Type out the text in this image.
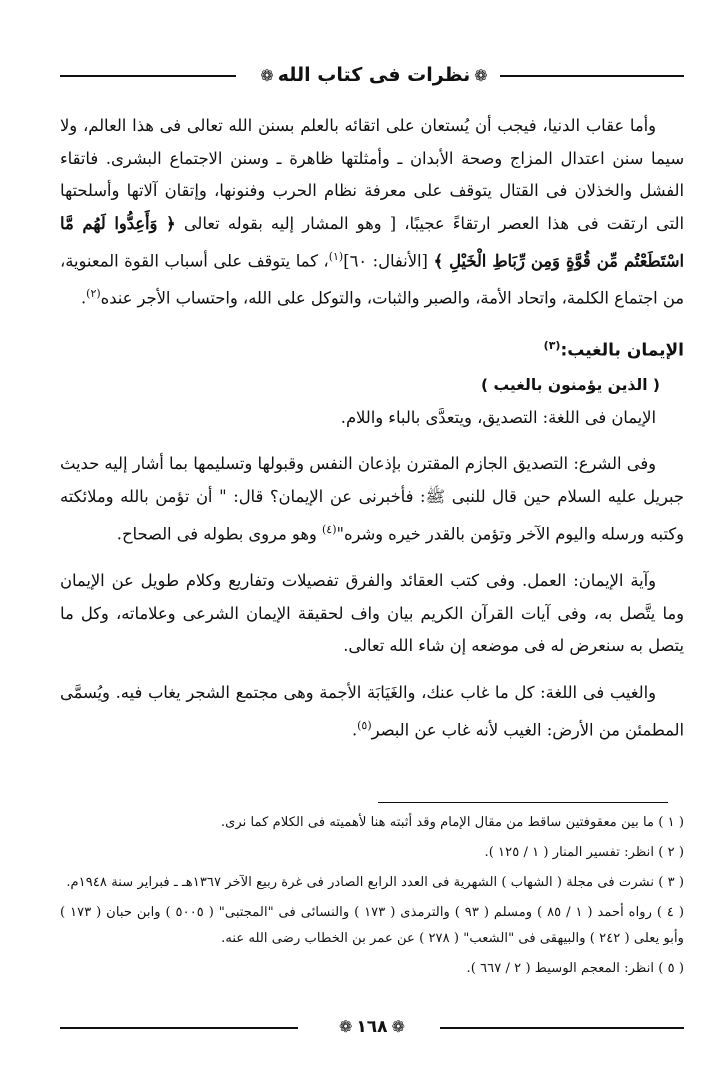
❁نظرات فى كتاب الله❁

وأما عقاب الدنيا، فيجب أن يُستعان على اتقائه بالعلم بسنن الله تعالى فى هذا العالم، ولا سيما سنن اعتدال المزاج وصحة الأبدان ـ وأمثلتها ظاهرة ـ وسنن الاجتماع البشرى. فاتقاء الفشل والخذلان فى القتال يتوقف على معرفة نظام الحرب وفنونها، وإتقان آلاتها وأسلحتها التى ارتقت فى هذا العصر ارتقاءً عجيبًا، [ وهو المشار إليه بقوله تعالى ﴿ وَأَعِدُّوا لَهُم مَّا اسْتَطَعْتُم مِّن قُوَّةٍ وَمِن رِّبَاطِ الْخَيْلِ ﴾ [الأنفال: ٦٠]$^{(١)}$، كما يتوقف على أسباب القوة المعنوية، من اجتماع الكلمة، واتحاد الأمة، والصبر والثبات، والتوكل على الله، واحتساب الأجر عنده$^{(٢)}$.

الإيمان بالغيب:$^{(٣)}$

( الذين يؤمنون بالغيب )

الإيمان فى اللغة: التصديق، ويتعدَّى بالباء واللام.

وفى الشرع: التصديق الجازم المقترن بإذعان النفس وقبولها وتسليمها بما أشار إليه حديث جبريل عليه السلام حين قال للنبى ﷺ: فأخبرنى عن الإيمان؟ قال: " أن تؤمن بالله وملائكته وكتبه ورسله واليوم الآخر وتؤمن بالقدر خيره وشره"$^{(٤)}$ وهو مروى بطوله فى الصحاح.

وآية الإيمان: العمل. وفى كتب العقائد والفرق تفصيلات وتفاريع وكلام طويل عن الإيمان وما يتَّصل به، وفى آيات القرآن الكريم بيان واف لحقيقة الإيمان الشرعى وعلاماته، وكل ما يتصل به سنعرض له فى موضعه إن شاء الله تعالى.

والغيب فى اللغة: كل ما غاب عنك، والغَيَابَة الأجمة وهى مجتمع الشجر يغاب فيه. ويُسمَّى المطمئن من الأرض: الغيب لأنه غاب عن البصر$^{(٥)}$.

( ١ ) ما بين معقوفتين ساقط من مقال الإمام وقد أثبته هنا لأهميته فى الكلام كما نرى.

( ٢ ) انظر: تفسير المنار ( ١ / ١٢٥ ).

( ٣ ) نشرت فى مجلة ( الشهاب ) الشهرية فى العدد الرابع الصادر فى غرة ربيع الآخر ١٣٦٧هـ ـ فبراير سنة ١٩٤٨م.

( ٤ ) رواه أحمد ( ١ / ٨٥ ) ومسلم ( ٩٣ ) والترمذى ( ١٧٣ ) والنسائى فى "المجتبى" ( ٥٠٠٥ ) وابن حبان ( ١٧٣ ) وأبو يعلى ( ٢٤٢ ) والبيهقى فى "الشعب" ( ٢٧٨ ) عن عمر بن الخطاب رضى الله عنه.

( ٥ ) انظر: المعجم الوسيط ( ٢ / ٦٦٧ ).

❁١٦٨❁
